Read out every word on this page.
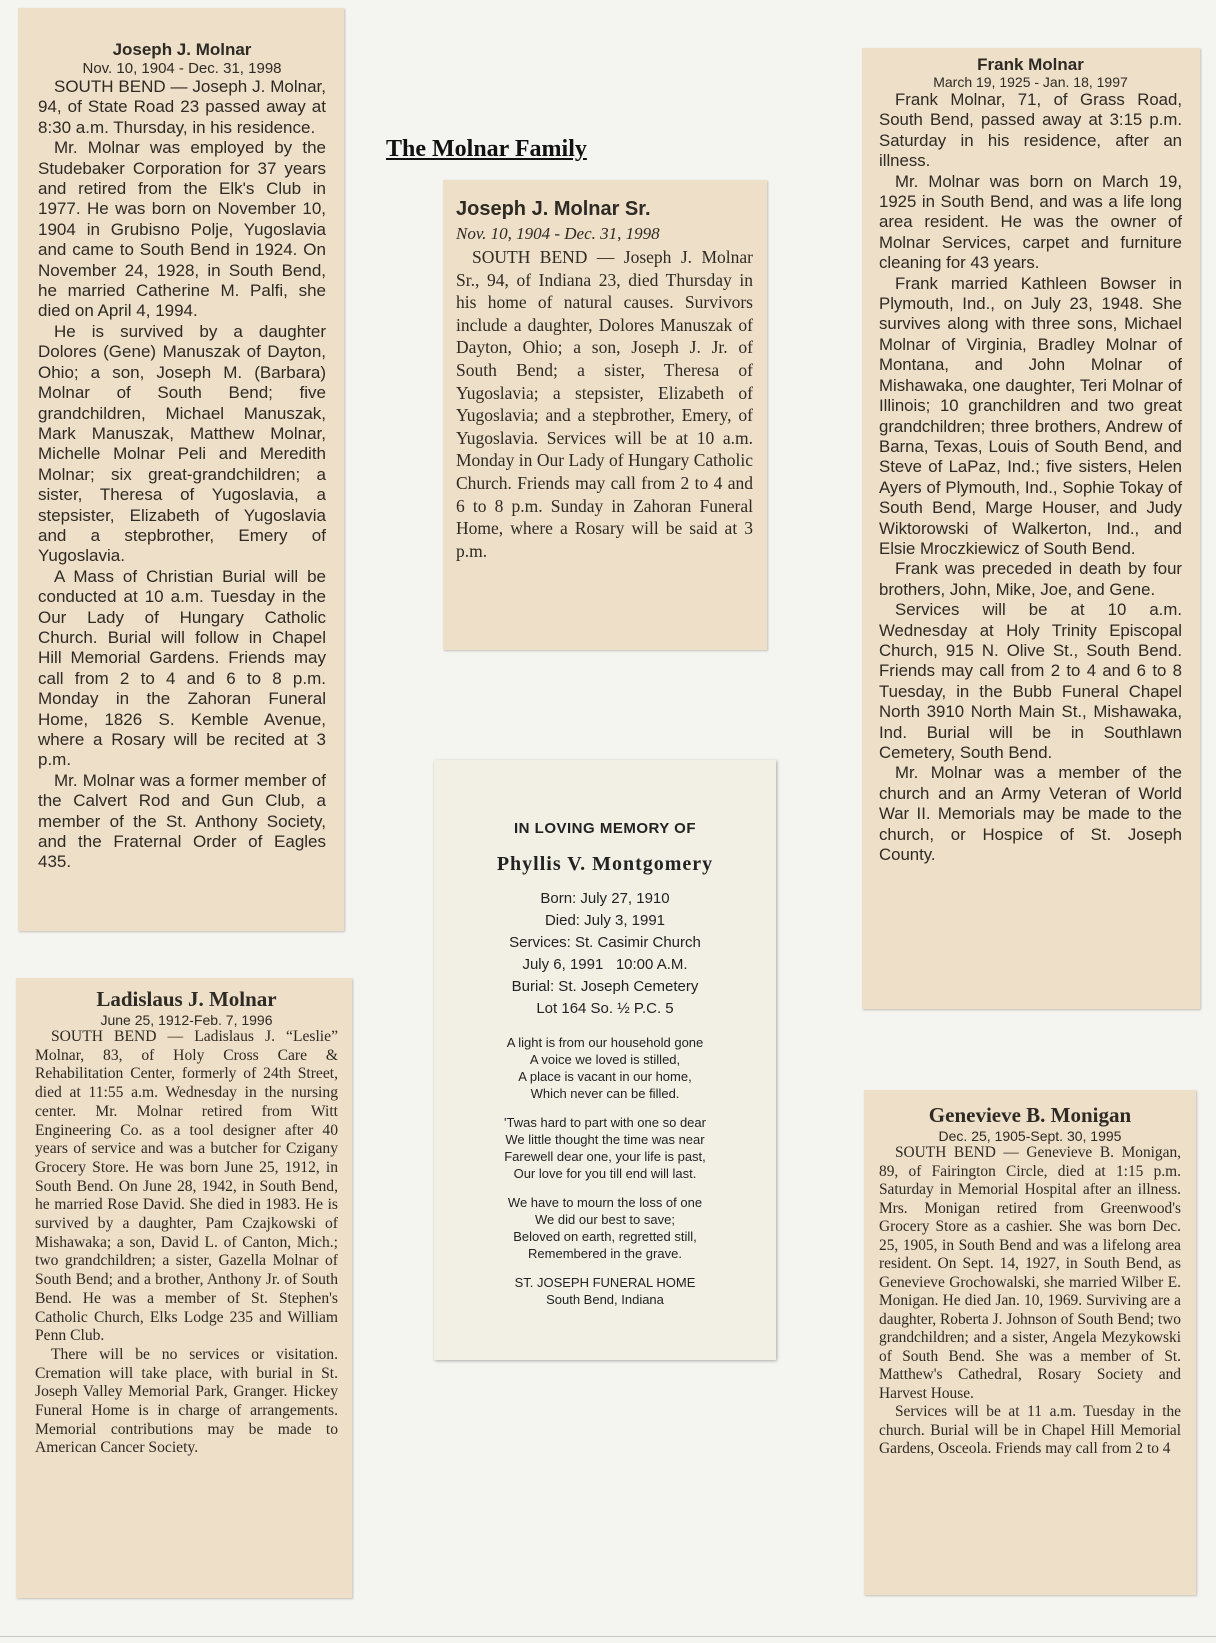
The Molnar Family
Joseph J. Molnar
Nov. 10, 1904 - Dec. 31, 1998

SOUTH BEND — Joseph J. Molnar, 94, of State Road 23 passed away at 8:30 a.m. Thursday, in his residence.

Mr. Molnar was employed by the Studebaker Corporation for 37 years and retired from the Elk's Club in 1977. He was born on November 10, 1904 in Grubisno Polje, Yugoslavia and came to South Bend in 1924. On November 24, 1928, in South Bend, he married Catherine M. Palfi, she died on April 4, 1994.

He is survived by a daughter Dolores (Gene) Manuszak of Dayton, Ohio; a son, Joseph M. (Barbara) Molnar of South Bend; five grandchildren, Michael Manuszak, Mark Manuszak, Matthew Molnar, Michelle Molnar Peli and Meredith Molnar; six great-grandchildren; a sister, Theresa of Yugoslavia, a stepsister, Elizabeth of Yugoslavia and a stepbrother, Emery of Yugoslavia.

A Mass of Christian Burial will be conducted at 10 a.m. Tuesday in the Our Lady of Hungary Catholic Church. Burial will follow in Chapel Hill Memorial Gardens. Friends may call from 2 to 4 and 6 to 8 p.m. Monday in the Zahoran Funeral Home, 1826 S. Kemble Avenue, where a Rosary will be recited at 3 p.m.

Mr. Molnar was a former member of the Calvert Rod and Gun Club, a member of the St. Anthony Society, and the Fraternal Order of Eagles 435.

Joseph J. Molnar Sr.
Nov. 10, 1904 - Dec. 31, 1998

SOUTH BEND — Joseph J. Molnar Sr., 94, of Indiana 23, died Thursday in his home of natural causes. Survivors include a daughter, Dolores Manuszak of Dayton, Ohio; a son, Joseph J. Jr. of South Bend; a sister, Theresa of Yugoslavia; a stepsister, Elizabeth of Yugoslavia; and a stepbrother, Emery, of Yugoslavia. Services will be at 10 a.m. Monday in Our Lady of Hungary Catholic Church. Friends may call from 2 to 4 and 6 to 8 p.m. Sunday in Zahoran Funeral Home, where a Rosary will be said at 3 p.m.

Frank Molnar
March 19, 1925 - Jan. 18, 1997

Frank Molnar, 71, of Grass Road, South Bend, passed away at 3:15 p.m. Saturday in his residence, after an illness.

Mr. Molnar was born on March 19, 1925 in South Bend, and was a life long area resident. He was the owner of Molnar Services, carpet and furniture cleaning for 43 years.

Frank married Kathleen Bowser in Plymouth, Ind., on July 23, 1948. She survives along with three sons, Michael Molnar of Virginia, Bradley Molnar of Montana, and John Molnar of Mishawaka, one daughter, Teri Molnar of Illinois; 10 granchildren and two great grandchildren; three brothers, Andrew of Barna, Texas, Louis of South Bend, and Steve of LaPaz, Ind.; five sisters, Helen Ayers of Plymouth, Ind., Sophie Tokay of South Bend, Marge Houser, and Judy Wiktorowski of Walkerton, Ind., and Elsie Mroczkiewicz of South Bend.

Frank was preceded in death by four brothers, John, Mike, Joe, and Gene.

Services will be at 10 a.m. Wednesday at Holy Trinity Episcopal Church, 915 N. Olive St., South Bend. Friends may call from 2 to 4 and 6 to 8 Tuesday, in the Bubb Funeral Chapel North 3910 North Main St., Mishawaka, Ind. Burial will be in Southlawn Cemetery, South Bend.

Mr. Molnar was a member of the church and an Army Veteran of World War II. Memorials may be made to the church, or Hospice of St. Joseph County.

Ladislaus J. Molnar
June 25, 1912-Feb. 7, 1996

SOUTH BEND — Ladislaus J. “Leslie” Molnar, 83, of Holy Cross Care & Rehabilitation Center, formerly of 24th Street, died at 11:55 a.m. Wednesday in the nursing center. Mr. Molnar retired from Witt Engineering Co. as a tool designer after 40 years of service and was a butcher for Czigany Grocery Store. He was born June 25, 1912, in South Bend. On June 28, 1942, in South Bend, he married Rose David. She died in 1983. He is survived by a daughter, Pam Czajkowski of Mishawaka; a son, David L. of Canton, Mich.; two grandchildren; a sister, Gazella Molnar of South Bend; and a brother, Anthony Jr. of South Bend. He was a member of St. Stephen's Catholic Church, Elks Lodge 235 and William Penn Club.

There will be no services or visitation. Cremation will take place, with burial in St. Joseph Valley Memorial Park, Granger. Hickey Funeral Home is in charge of arrangements. Memorial contributions may be made to American Cancer Society.

Genevieve B. Monigan
Dec. 25, 1905-Sept. 30, 1995

SOUTH BEND — Genevieve B. Monigan, 89, of Fairington Circle, died at 1:15 p.m. Saturday in Memorial Hospital after an illness. Mrs. Monigan retired from Greenwood's Grocery Store as a cashier. She was born Dec. 25, 1905, in South Bend and was a lifelong area resident. On Sept. 14, 1927, in South Bend, as Genevieve Grochowalski, she married Wilber E. Monigan. He died Jan. 10, 1969. Surviving are a daughter, Roberta J. Johnson of South Bend; two grandchildren; and a sister, Angela Mezykowski of South Bend. She was a member of St. Matthew's Cathedral, Rosary Society and Harvest House.

Services will be at 11 a.m. Tuesday in the church. Burial will be in Chapel Hill Memorial Gardens, Osceola. Friends may call from 2 to 4

IN LOVING MEMORY OF
Phyllis V. Montgomery
Born: July 27, 1910
Died: July 3, 1991
Services: St. Casimir Church
July 6, 1991   10:00 A.M.
Burial: St. Joseph Cemetery
Lot 164 So. ½ P.C. 5
A light is from our household gone
A voice we loved is stilled,
A place is vacant in our home,
Which never can be filled.
'Twas hard to part with one so dear
We little thought the time was near
Farewell dear one, your life is past,
Our love for you till end will last.
We have to mourn the loss of one
We did our best to save;
Beloved on earth, regretted still,
Remembered in the grave.
ST. JOSEPH FUNERAL HOME
South Bend, Indiana
